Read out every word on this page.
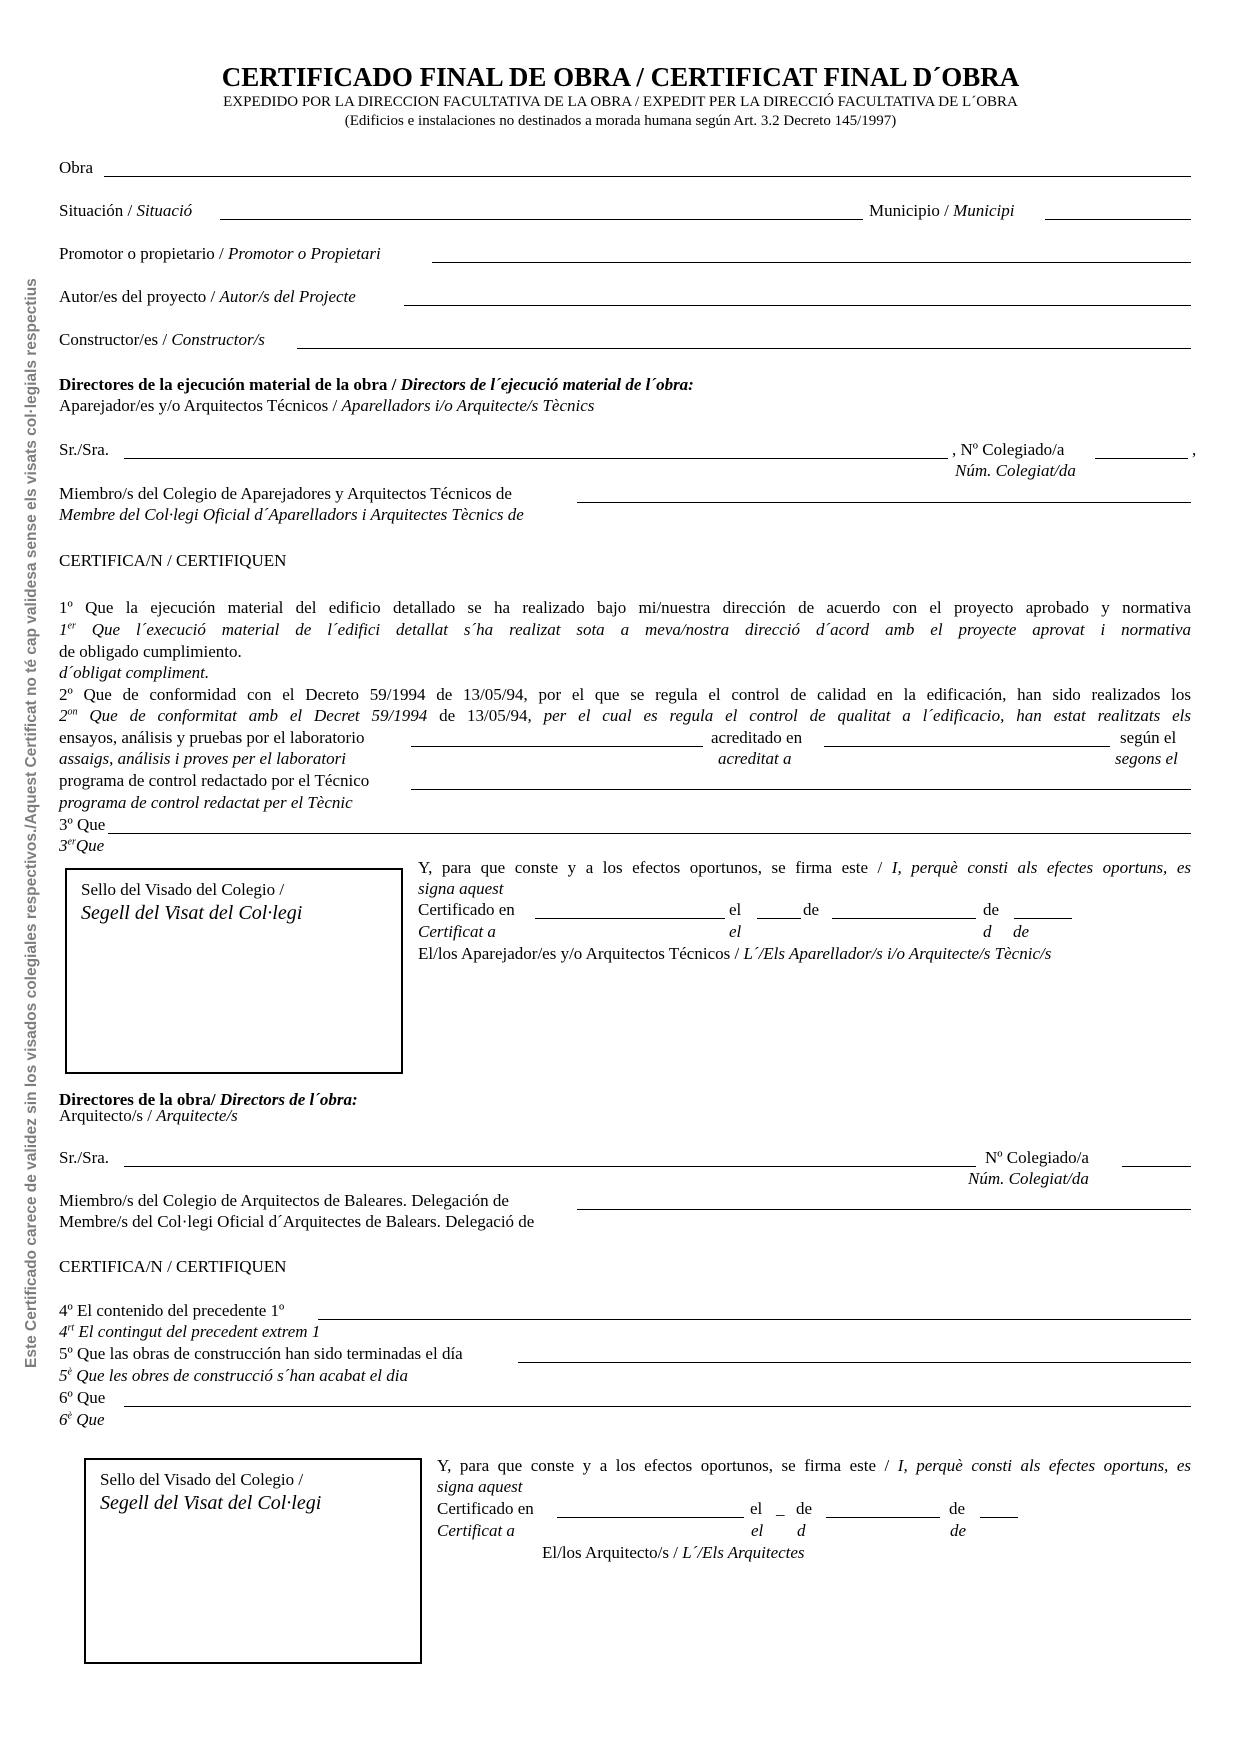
Este Certificado carece de validez sin los visados colegiales respectivos./Aquest Certificat no té cap validesa sense els visats col·legials respectius
CERTIFICADO FINAL DE OBRA / CERTIFICAT FINAL D´OBRA
EXPEDIDO POR LA DIRECCION FACULTATIVA DE LA OBRA / EXPEDIT PER LA DIRECCIÓ FACULTATIVA DE L´OBRA
(Edificios e instalaciones no destinados a morada humana según Art. 3.2 Decreto 145/1997)
Obra
Situación / Situació	Municipio / Municipi
Promotor o propietario / Promotor o Propietari
Autor/es del proyecto / Autor/s del Projecte
Constructor/es / Constructor/s
Directores de la ejecución material de la obra / Directors de l´ejecució material de l´obra:
Aparejador/es y/o Arquitectos Técnicos / Aparelladors i/o Arquitecte/s Tècnics
Sr./Sra.	, Nº Colegiado/a	,
Núm. Colegiat/da
Miembro/s del Colegio de Aparejadores y Arquitectos Técnicos de
Membre del Col·legi Oficial d´Aparelladors i Arquitectes Tècnics de
CERTIFICA/N / CERTIFIQUEN
1º Que la ejecución material del edificio detallado se ha realizado bajo mi/nuestra dirección de acuerdo con el proyecto aprobado y normativa
1er Que l´execució material de l´edifici detallat s´ha realizat sota a meva/nostra direcció d´acord amb el proyecte aprovat i normativa
de obligado cumplimiento.
d´obligat compliment.
2º Que de conformidad con el Decreto 59/1994 de 13/05/94, por el que se regula el control de calidad en la edificación, han sido realizados los
$2^{on}$ Que de conformitat amb el Decret 59/1994 de 13/05/94, per el cual es regula el control de qualitat a l´edificacio, han estat realitzats els
ensayos, análisis y pruebas por el laboratorio	acreditado en	según el
assaigs, análisis i proves per el laboratori	acreditat a	segons el
programa de control redactado por el Técnico
programa de control redactat per el Tècnic
3º Que
3erQue
Sello del Visado del Colegio /
Segell del Visat del Col·legi
Y, para que conste y a los efectos oportunos, se firma este / I, perquè consti als efectes oportuns, es
signa aquest
Certificado en	el	de	de
Certificat a	el	d de
El/los Aparejador/es y/o Arquitectos Técnicos / L´/Els Aparellador/s i/o Arquitecte/s Tècnic/s
Directores de la obra/ Directors de l´obra:
Arquitecto/s / Arquitecte/s
Sr./Sra.	Nº Colegiado/a
Núm. Colegiat/da
Miembro/s del Colegio de Arquitectos de Baleares. Delegación de
Membre/s del Col·legi Oficial d´Arquitectes de Balears. Delegació de
CERTIFICA/N / CERTIFIQUEN
4º El contenido del precedente 1º
$4^{rt}$ El contingut del precedent extrem 1
5º Que las obras de construcción han sido terminadas el día
$5^è$ Que les obres de construcció s´han acabat el dia
6º Que
$6^è$ Que
Sello del Visado del Colegio /
Segell del Visat del Col·legi
Y, para que conste y a los efectos oportunos, se firma este / I, perquè consti als efectes oportuns, es
signa aquest
Certificado en	el _ de	de
Certificat a	el d	de
El/los Arquitecto/s / L´/Els Arquitectes
